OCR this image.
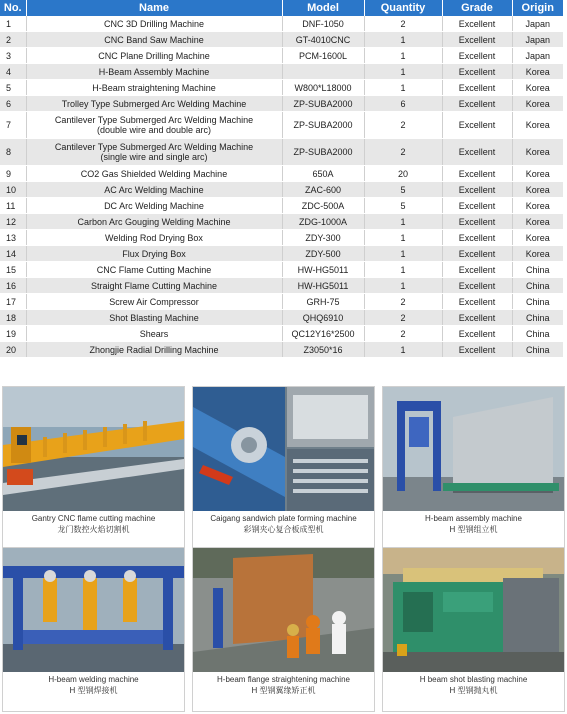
No.	Name	Model	Quantity	Grade	Origin
1	CNC 3D Drilling Machine	DNF-1050	2	Excellent	Japan
2	CNC Band Saw Machine	GT-4010CNC	1	Excellent	Japan
3	CNC Plane Drilling Machine	PCM-1600L	1	Excellent	Japan
4	H-Beam Assembly Machine		1	Excellent	Korea
5	H-Beam straightening Machine	W800*L18000	1	Excellent	Korea
6	Trolley Type Submerged Arc Welding Machine	ZP-SUBA2000	6	Excellent	Korea
7	Cantilever Type Submerged Arc Welding Machine
(double wire and double arc)	ZP-SUBA2000	2	Excellent	Korea
8	Cantilever Type Submerged Arc Welding Machine
(single wire and single arc)	ZP-SUBA2000	2	Excellent	Korea
9	CO2 Gas Shielded Welding Machine	650A	20	Excellent	Korea
10	AC Arc Welding Machine	ZAC-600	5	Excellent	Korea
11	DC Arc Welding Machine	ZDC-500A	5	Excellent	Korea
12	Carbon Arc Gouging Welding Machine	ZDG-1000A	1	Excellent	Korea
13	Welding Rod Drying Box	ZDY-300	1	Excellent	Korea
14	Flux Drying Box	ZDY-500	1	Excellent	Korea
15	CNC Flame Cutting Machine	HW-HG5011	1	Excellent	China
16	Straight Flame Cutting Machine	HW-HG5011	1	Excellent	China
17	Screw Air Compressor	GRH-75	2	Excellent	China
18	Shot Blasting Machine	QHQ6910	2	Excellent	China
19	Shears	QC12Y16*2500	2	Excellent	China
20	Zhongjie Radial Drilling Machine	Z3050*16	1	Excellent	China
Gantry CNC flame cutting machine
龙门数控火焰切割机
Caigang sandwich plate forming machine
彩钢夹心复合板成型机
H-beam assembly machine
H 型钢组立机
H-beam welding machine
H 型钢焊接机
H-beam flange straightening machine
H 型钢翼缘矫正机
H beam shot blasting machine
H 型钢抛丸机
